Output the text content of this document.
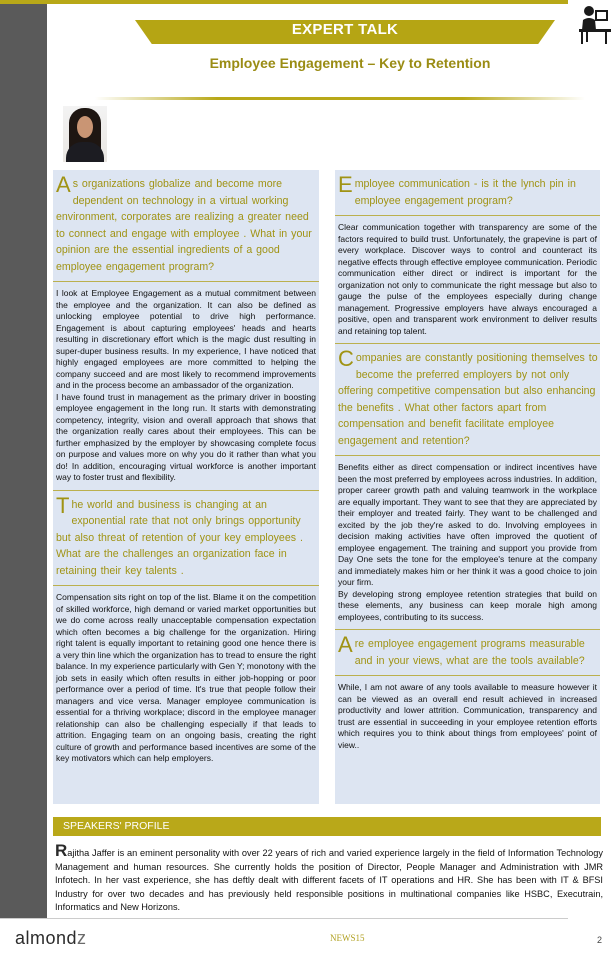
EXPERT TALK
Employee Engagement – Key to Retention
A s organizations globalize and become more dependent on technology in a virtual working environment, corporates are realizing a greater need to connect and engage with employee . What in your opinion are the essential ingredients of a good employee engagement program?

I look at Employee Engagement as a mutual commitment between the employee and the organization. It can also be defined as unlocking employee potential to drive high performance. Engagement is about capturing employees' heads and hearts resulting in discretionary effort which is the magic dust resulting in super-duper business results. In my experience, I have noticed that highly engaged employees are more committed to helping the company succeed and are most likely to recommend improvements and in the process become an ambassador of the organization.

I have found trust in management as the primary driver in boosting employee engagement in the long run. It starts with demonstrating competency, integrity, vision and overall approach that shows that the organization really cares about their employees. This can be further emphasized by the employer by showcasing complete focus on purpose and values more on why you do it rather than what you do! In addition, encouraging virtual workforce is another important way to foster trust and flexibility.

T he world and business is changing at an exponential rate that not only brings opportunity but also threat of retention of your key employees . What are the challenges an organization face in retaining their key talents .

Compensation sits right on top of the list. Blame it on the competition of skilled workforce, high demand or varied market opportunities but we do come across really unacceptable compensation expectation which often becomes a big challenge for the organization. Hiring right talent is equally important to retaining good one hence there is a very thin line which the organization has to tread to ensure the right balance. In my experience particularly with Gen Y; monotony with the job sets in easily which often results in either job-hopping or poor performance over a period of time. It's true that people follow their managers and vice versa. Manager employee communication is essential for a thriving workplace; discord in the employee manager relationship can also be challenging especially if that leads to attrition. Engaging team on an ongoing basis, creating the right culture of growth and performance based incentives are some of the key motivators which can help employers.

E mployee communication - is it the lynch pin in employee engagement program?

Clear communication together with transparency are some of the factors required to build trust. Unfortunately, the grapevine is part of every workplace. Discover ways to control and counteract its negative effects through effective employee communication. Periodic communication either direct or indirect is important for the organization not only to communicate the right message but also to gauge the pulse of the employees especially during change management. Progressive employers have always encouraged a positive, open and transparent work environment to deliver results and retaining top talent.

C ompanies are constantly positioning themselves to become the preferred employers by not only offering competitive compensation but also enhancing the benefits . What other factors apart from compensation and benefit facilitate employee engagement and retention?

Benefits either as direct compensation or indirect incentives have been the most preferred by employees across industries. In addition, proper career growth path and valuing teamwork in the workplace are equally important. They want to see that they are appreciated by their employer and treated fairly. They want to be challenged and excited by the job they're asked to do. Involving employees in decision making activities have often improved the quotient of employee engagement. The training and support you provide from Day One sets the tone for the employee's tenure at the company and immediately makes him or her think it was a good choice to join your firm.

By developing strong employee retention strategies that build on these elements, any business can keep morale high among employees, contributing to its success.

A re employee engagement programs measurable and in your views, what are the tools available?

While, I am not aware of any tools available to measure however it can be viewed as an overall end result achieved in increased productivity and lower attrition. Communication, transparency and trust are essential in succeeding in your employee retention efforts which requires you to think about things from employees' point of view..

SPEAKERS' PROFILE
Rajitha Jaffer is an eminent personality with over 22 years of rich and varied experience largely in the field of Information Technology Management and human resources. She currently holds the position of Director, People Manager and Administration with JMR Infotech. In her vast experience, she has deftly dealt with different facets of IT operations and HR. She has been with IT & BFSI Industry for over two decades and has previously held responsible positions in multinational companies like HSBC, Executrain, Informatics and New Horizons.
almondz	NEWS15	2
